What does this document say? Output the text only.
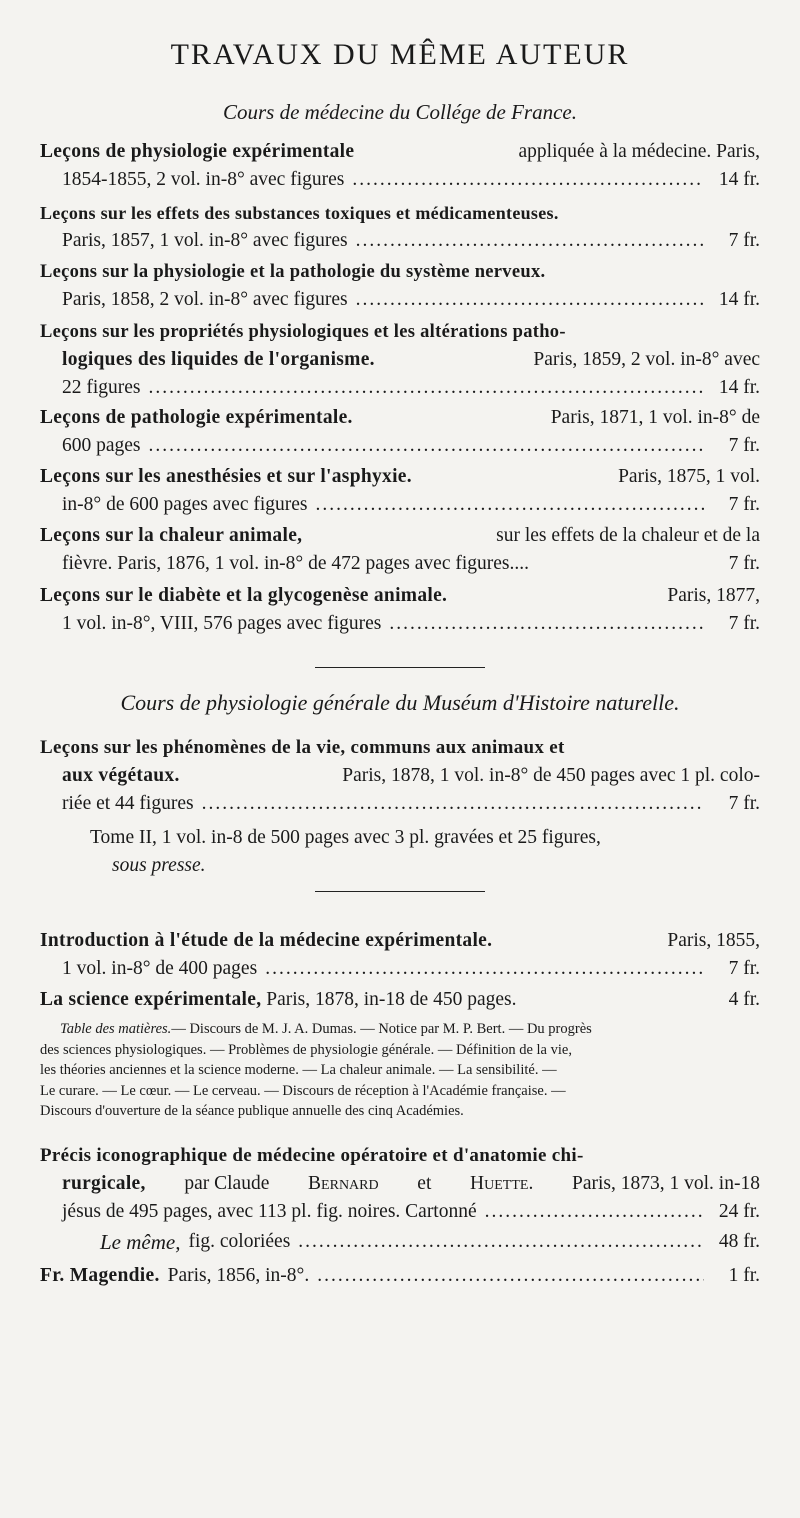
TRAVAUX DU MÊME AUTEUR
Cours de médecine du Collége de France.
Leçons de physiologie expérimentale	appliquée à la médecine. Paris,
1854-1855, 2 vol. in-8° avec figures .....	14 fr.
Leçons sur les effets des substances toxiques et médicamenteuses.
Paris, 1857, 1 vol. in-8° avec figures .....	7 fr.
Leçons sur la physiologie et la pathologie du système nerveux.
Paris, 1858, 2 vol. in-8° avec figures .....	14 fr.
Leçons sur les propriétés physiologiques et les altérations patho-
logiques des liquides de l'organisme.	Paris, 1859, 2 vol. in-8° avec
22 figures .....	14 fr.
Leçons de pathologie expérimentale.	Paris, 1871, 1 vol. in-8° de
600 pages .....	7 fr.
Leçons sur les anesthésies et sur l'asphyxie.	Paris, 1875, 1 vol.
in-8° de 600 pages avec figures .....	7 fr.
Leçons sur la chaleur animale,	sur les effets de la chaleur et de la
fièvre. Paris, 1876, 1 vol. in-8° de 472 pages avec figures....	7 fr.
Leçons sur le diabète et la glycogenèse animale.	Paris, 1877,
1 vol. in-8°, VIII, 576 pages avec figures .....	7 fr.
Cours de physiologie générale du Muséum d'Histoire naturelle.
Leçons sur les phénomènes de la vie, communs aux animaux et
aux végétaux.	Paris, 1878, 1 vol. in-8° de 450 pages avec 1 pl. colo-
riée et 44 figures .....	7 fr.
Tome II, 1 vol. in-8 de 500 pages avec 3 pl. gravées et 25 figures,
sous presse.
Introduction à l'étude de la médecine expérimentale.	Paris, 1855,
1 vol. in-8° de 400 pages .....	7 fr.
La science expérimentale, Paris, 1878, in-18 de 450 pages.	4 fr.
Table des matières.— Discours de M. J. A. Dumas. — Notice par M. P. Bert. — Du progrès
des sciences physiologiques. — Problèmes de physiologie générale. — Définition de la vie,
les théories anciennes et la science moderne. — La chaleur animale. — La sensibilité. —
Le curare. — Le cœur. — Le cerveau. — Discours de réception à l'Académie française. —
Discours d'ouverture de la séance publique annuelle des cinq Académies.
Précis iconographique de médecine opératoire et d'anatomie chi-
rurgicale, par Claude Bernard et Huette. Paris, 1873, 1 vol. in-18
jésus de 495 pages, avec 113 pl. fig. noires. Cartonné .....	24 fr.
Le même, fig. coloriées .....	48 fr.
Fr. Magendie. Paris, 1856, in-8°. .....	1 fr.
